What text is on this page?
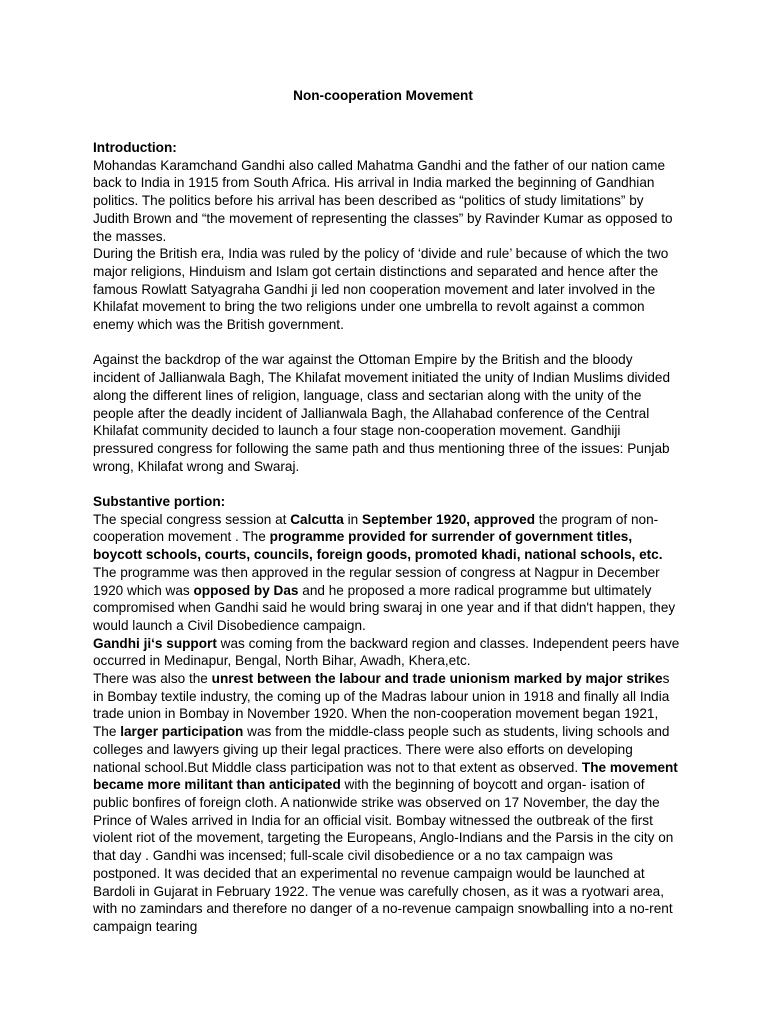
Non-cooperation Movement

Introduction:

Mohandas Karamchand Gandhi also called Mahatma Gandhi and the father of our nation came back to India in 1915 from South Africa. His arrival in India marked the beginning of Gandhian politics. The politics before his arrival has been described as “politics of study limitations” by Judith Brown and “the movement of representing the classes” by Ravinder Kumar as opposed to the masses.

During the British era, India was ruled by the policy of ‘divide and rule’ because of which the two major religions, Hinduism and Islam got certain distinctions and separated and hence after the famous Rowlatt Satyagraha Gandhi ji led non cooperation movement and later involved in the Khilafat movement to bring the two religions under one umbrella to revolt against a common enemy which was the British government.

Against the backdrop of the war against the Ottoman Empire by the British and the bloody incident of Jallianwala Bagh, The Khilafat movement initiated the unity of Indian Muslims divided along the different lines of religion, language, class and sectarian along with the unity of the people after the deadly incident of Jallianwala Bagh, the Allahabad conference of the Central Khilafat community decided to launch a four stage non-cooperation movement. Gandhiji pressured congress for following the same path and thus mentioning three of the issues: Punjab wrong, Khilafat wrong and Swaraj.

Substantive portion:

The special congress session at Calcutta in September 1920, approved the program of non-cooperation movement . The programme provided for surrender of government titles, boycott schools, courts, councils, foreign goods, promoted khadi, national schools, etc. The programme was then approved in the regular session of congress at Nagpur in December 1920 which was opposed by Das and he proposed a more radical programme but ultimately compromised when Gandhi said he would bring swaraj in one year and if that didn't happen, they would launch a Civil Disobedience campaign.

Gandhi ji‘s support was coming from the backward region and classes. Independent peers have occurred in Medinapur, Bengal, North Bihar, Awadh, Khera,etc.

There was also the unrest between the labour and trade unionism marked by major strikes in Bombay textile industry, the coming up of the Madras labour union in 1918 and finally all India trade union in Bombay in November 1920. When the non-cooperation movement began 1921, The larger participation was from the middle-class people such as students, living schools and colleges and lawyers giving up their legal practices. There were also efforts on developing national school.But Middle class participation was not to that extent as observed. The movement became more militant than anticipated with the beginning of boycott and organ- isation of public bonfires of foreign cloth. A nationwide strike was observed on 17 November, the day the Prince of Wales arrived in India for an official visit. Bombay witnessed the outbreak of the first violent riot of the movement, targeting the Europeans, Anglo-Indians and the Parsis in the city on that day . Gandhi was incensed; full-scale civil disobedience or a no tax campaign was postponed. It was decided that an experimental no revenue campaign would be launched at Bardoli in Gujarat in February 1922. The venue was carefully chosen, as it was a ryotwari area, with no zamindars and therefore no danger of a no-revenue campaign snowballing into a no-rent campaign tearing
